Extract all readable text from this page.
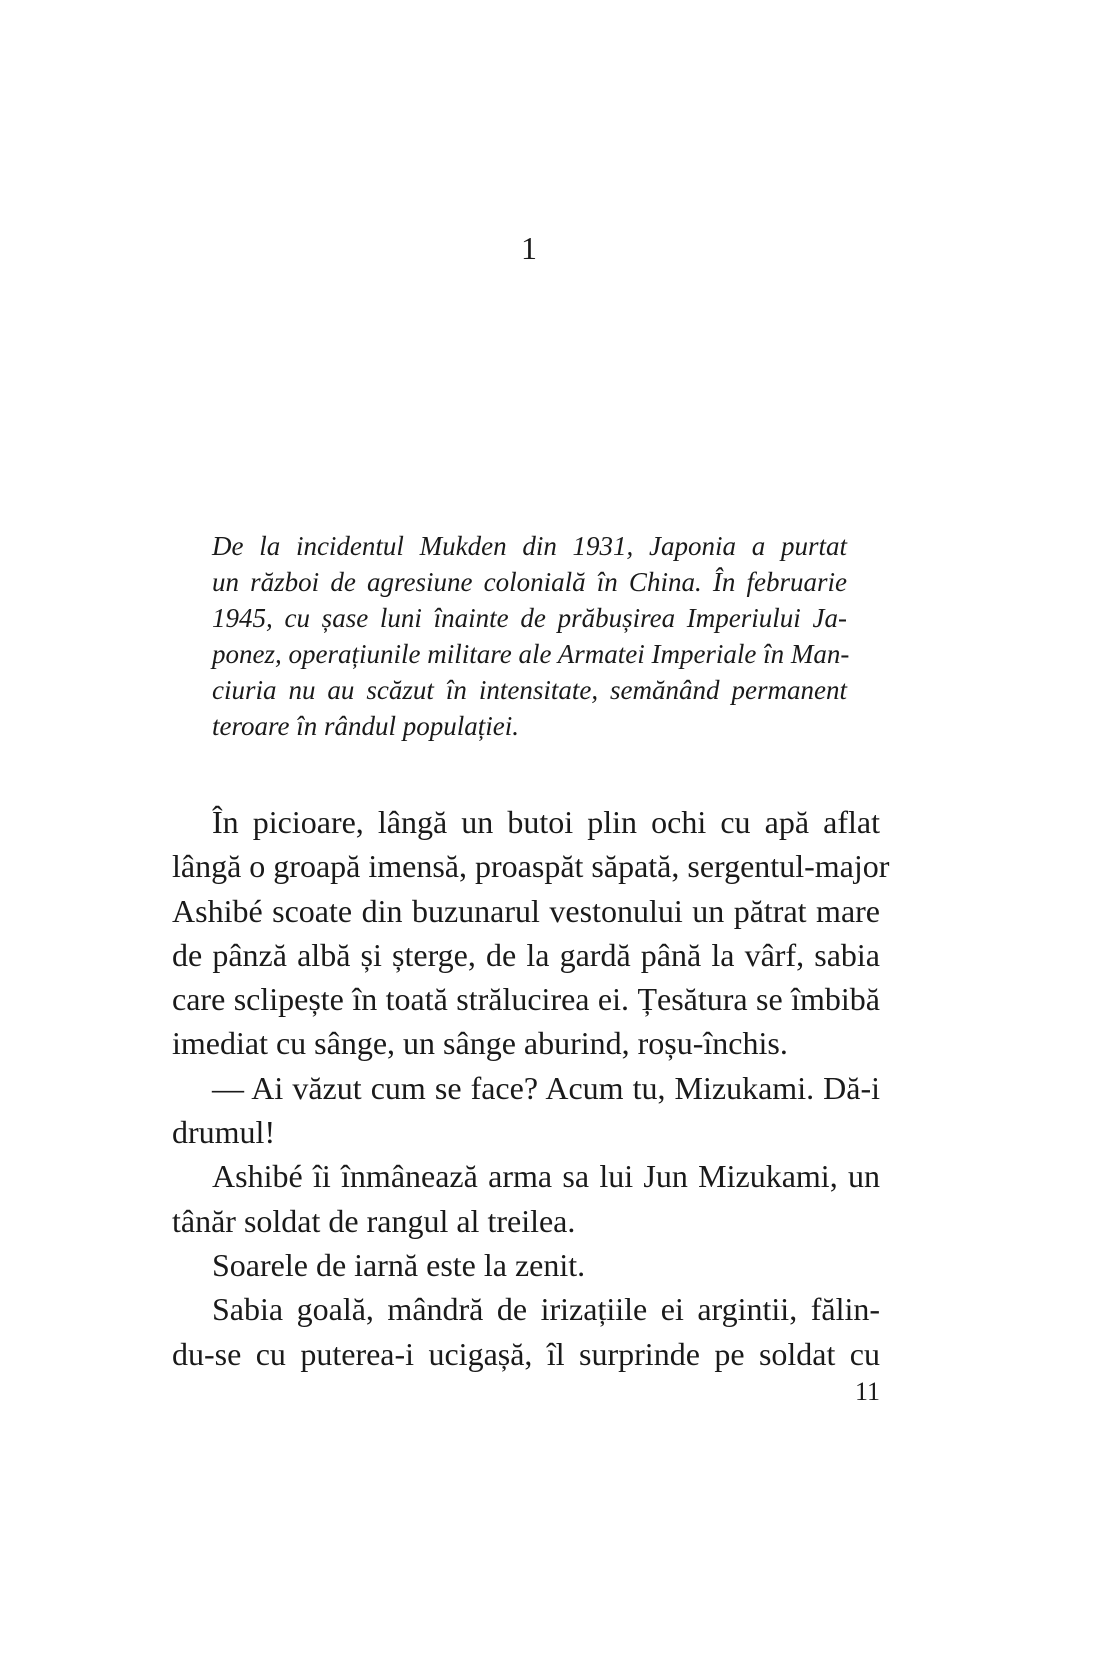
1
De la incidentul Mukden din 1931, Japonia a purtat
un război de agresiune colonială în China. În februarie
1945, cu șase luni înainte de prăbușirea Imperiului Ja-
ponez, operațiunile militare ale Armatei Imperiale în Man-
ciuria nu au scăzut în intensitate, semănând permanent
teroare în rândul populației.
În picioare, lângă un butoi plin ochi cu apă aflat
lângă o groapă imensă, proaspăt săpată, sergentul-major
Ashibé scoate din buzunarul vestonului un pătrat mare
de pânză albă și șterge, de la gardă până la vârf, sabia
care sclipește în toată strălucirea ei. Țesătura se îmbibă
imediat cu sânge, un sânge aburind, roșu-închis.
— Ai văzut cum se face? Acum tu, Mizukami. Dă-i
drumul!
Ashibé îi înmânează arma sa lui Jun Mizukami, un
tânăr soldat de rangul al treilea.
Soarele de iarnă este la zenit.
Sabia goală, mândră de irizațiile ei argintii, fălin-
du-se cu puterea-i ucigașă, îl surprinde pe soldat cu
11
